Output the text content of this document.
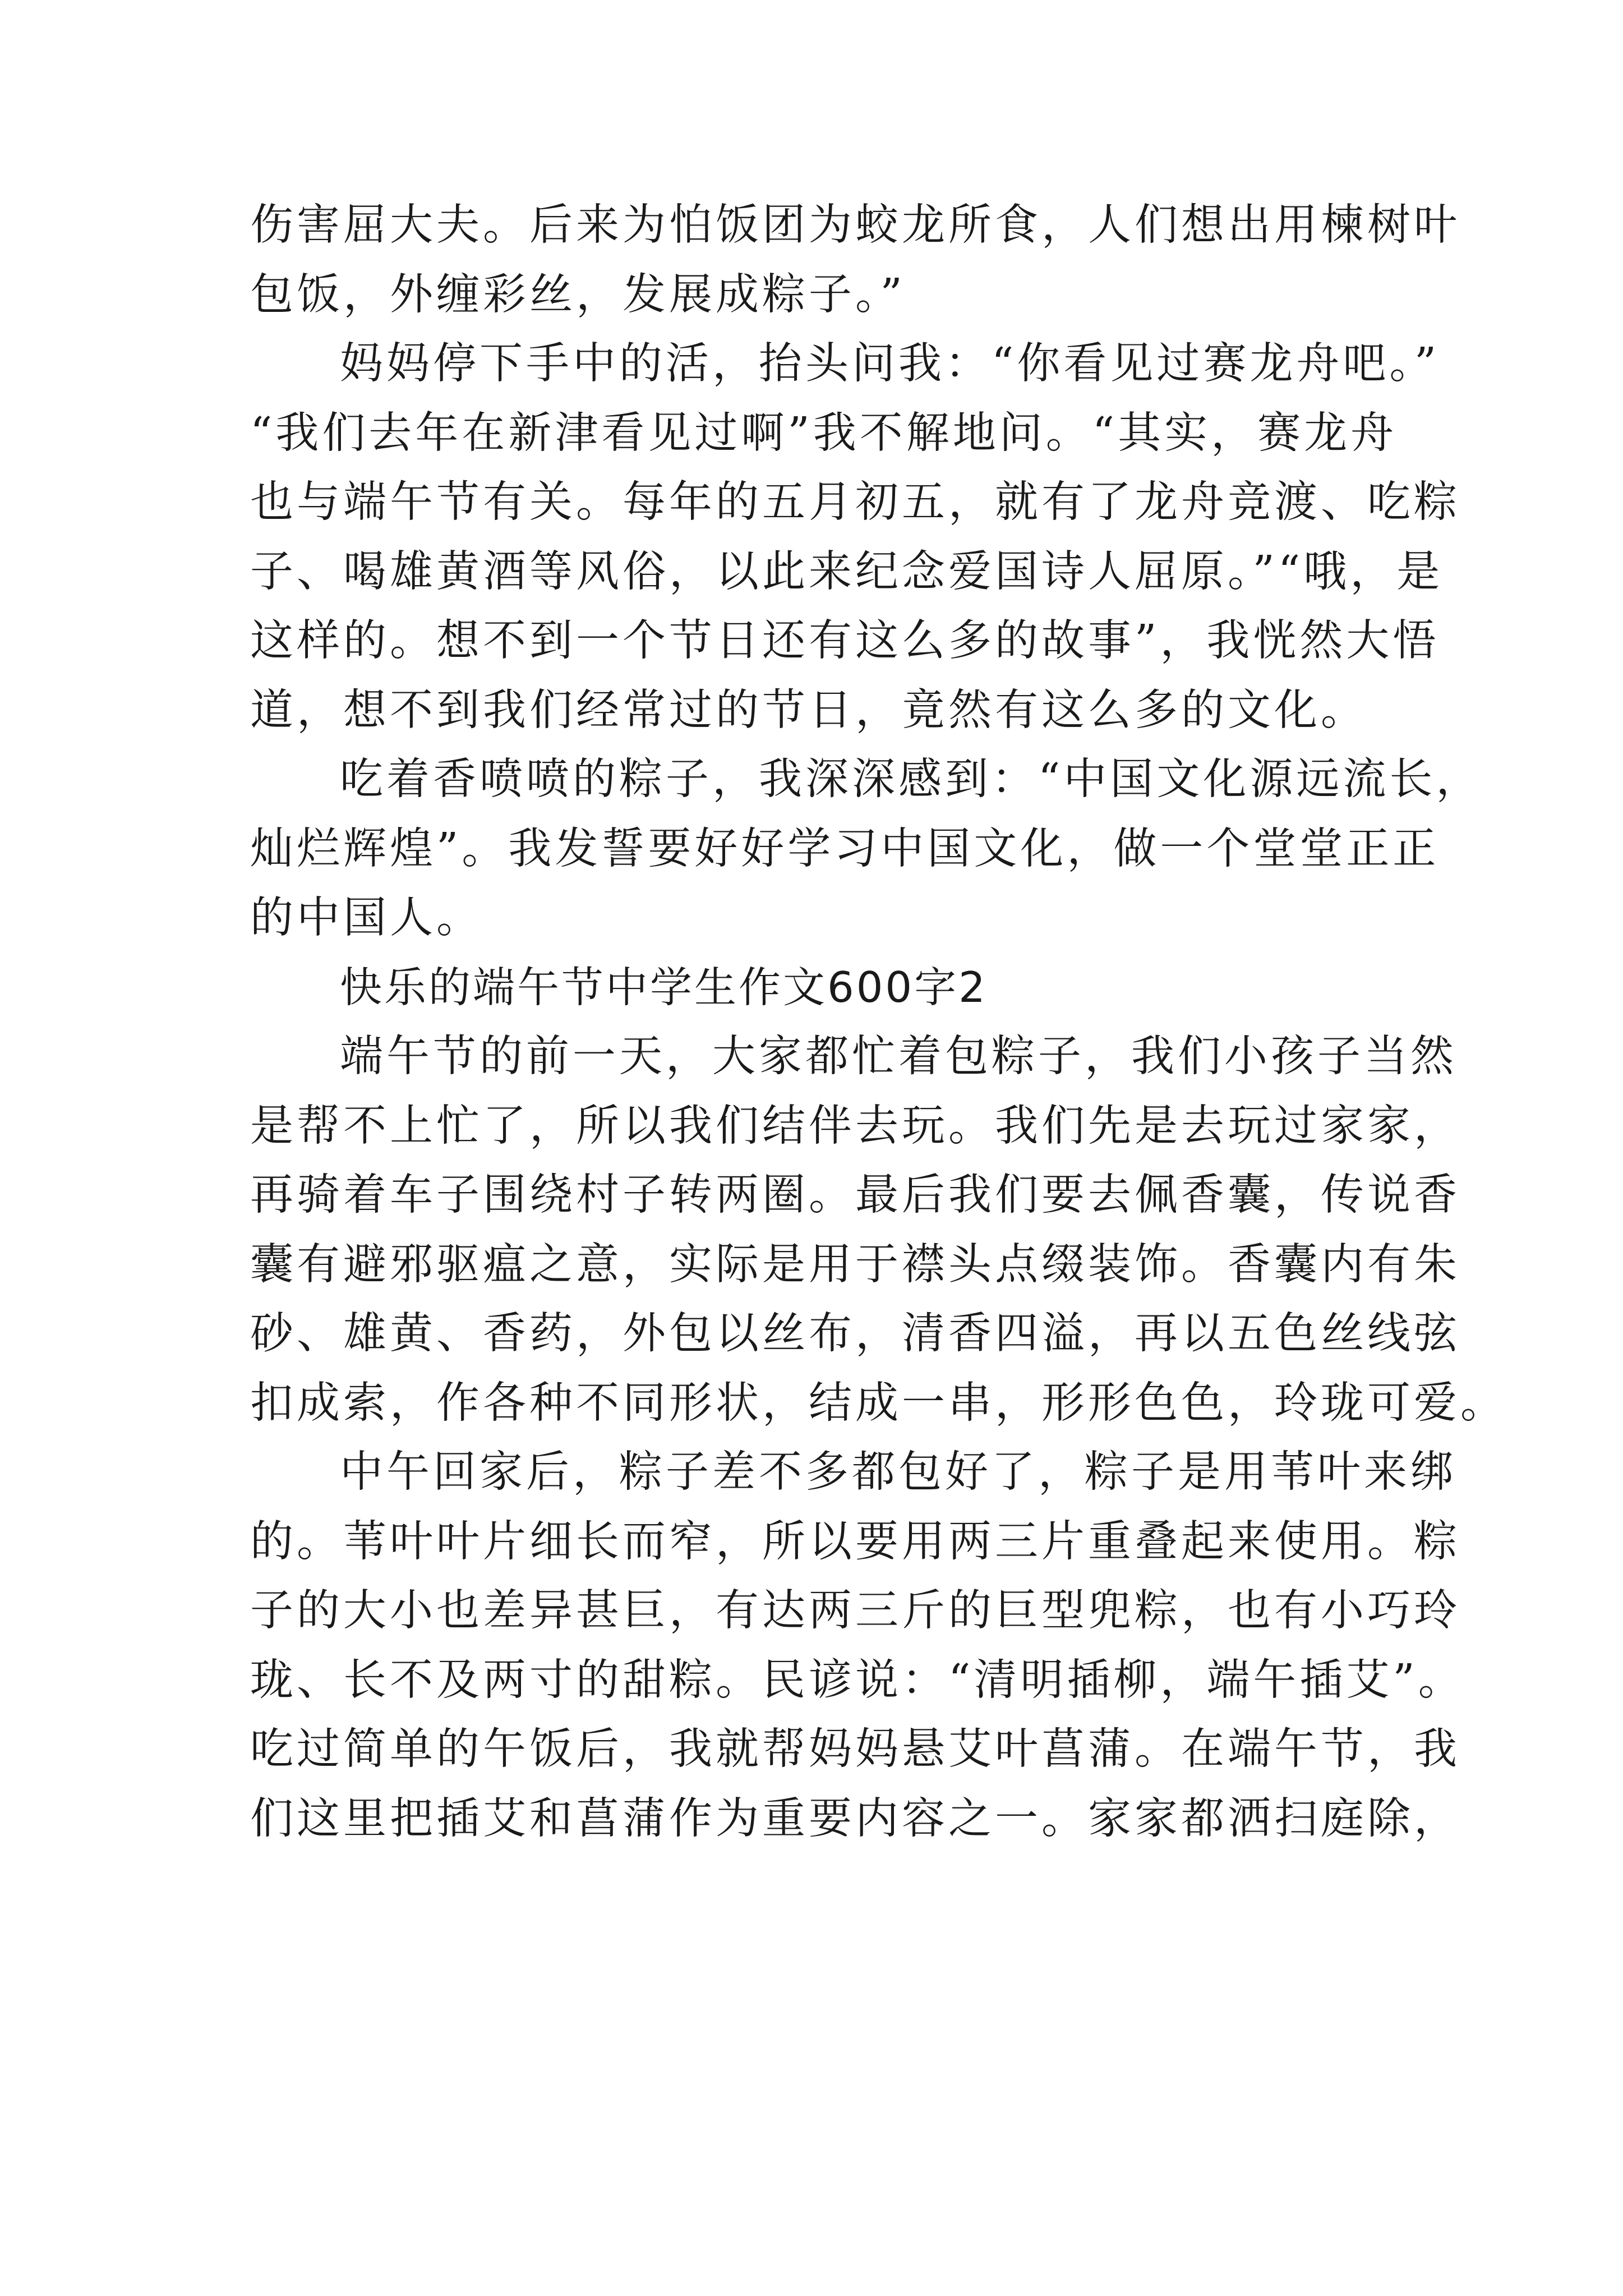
伤害屈大夫。后来为怕饭团为蛟龙所食，人们想出用楝树叶
包饭，外缠彩丝，发展成粽子。”
妈妈停下手中的活，抬头问我：“你看见过赛龙舟吧。”
“我们去年在新津看见过啊”我不解地问。“其实，赛龙舟
也与端午节有关。每年的五月初五，就有了龙舟竞渡、吃粽
子、喝雄黄酒等风俗，以此来纪念爱国诗人屈原。”“哦，是
这样的。想不到一个节日还有这么多的故事”，我恍然大悟
道，想不到我们经常过的节日，竟然有这么多的文化。
吃着香喷喷的粽子，我深深感到：“中国文化源远流长，
灿烂辉煌”。我发誓要好好学习中国文化，做一个堂堂正正
的中国人。
快乐的端午节中学生作文600字2
端午节的前一天，大家都忙着包粽子，我们小孩子当然
是帮不上忙了，所以我们结伴去玩。我们先是去玩过家家，
再骑着车子围绕村子转两圈。最后我们要去佩香囊，传说香
囊有避邪驱瘟之意，实际是用于襟头点缀装饰。香囊内有朱
砂、雄黄、香药，外包以丝布，清香四溢，再以五色丝线弦
扣成索，作各种不同形状，结成一串，形形色色，玲珑可爱。
中午回家后，粽子差不多都包好了，粽子是用苇叶来绑
的。苇叶叶片细长而窄，所以要用两三片重叠起来使用。粽
子的大小也差异甚巨，有达两三斤的巨型兜粽，也有小巧玲
珑、长不及两寸的甜粽。民谚说：“清明插柳，端午插艾”。
吃过简单的午饭后，我就帮妈妈悬艾叶菖蒲。在端午节，我
们这里把插艾和菖蒲作为重要内容之一。家家都洒扫庭除，
